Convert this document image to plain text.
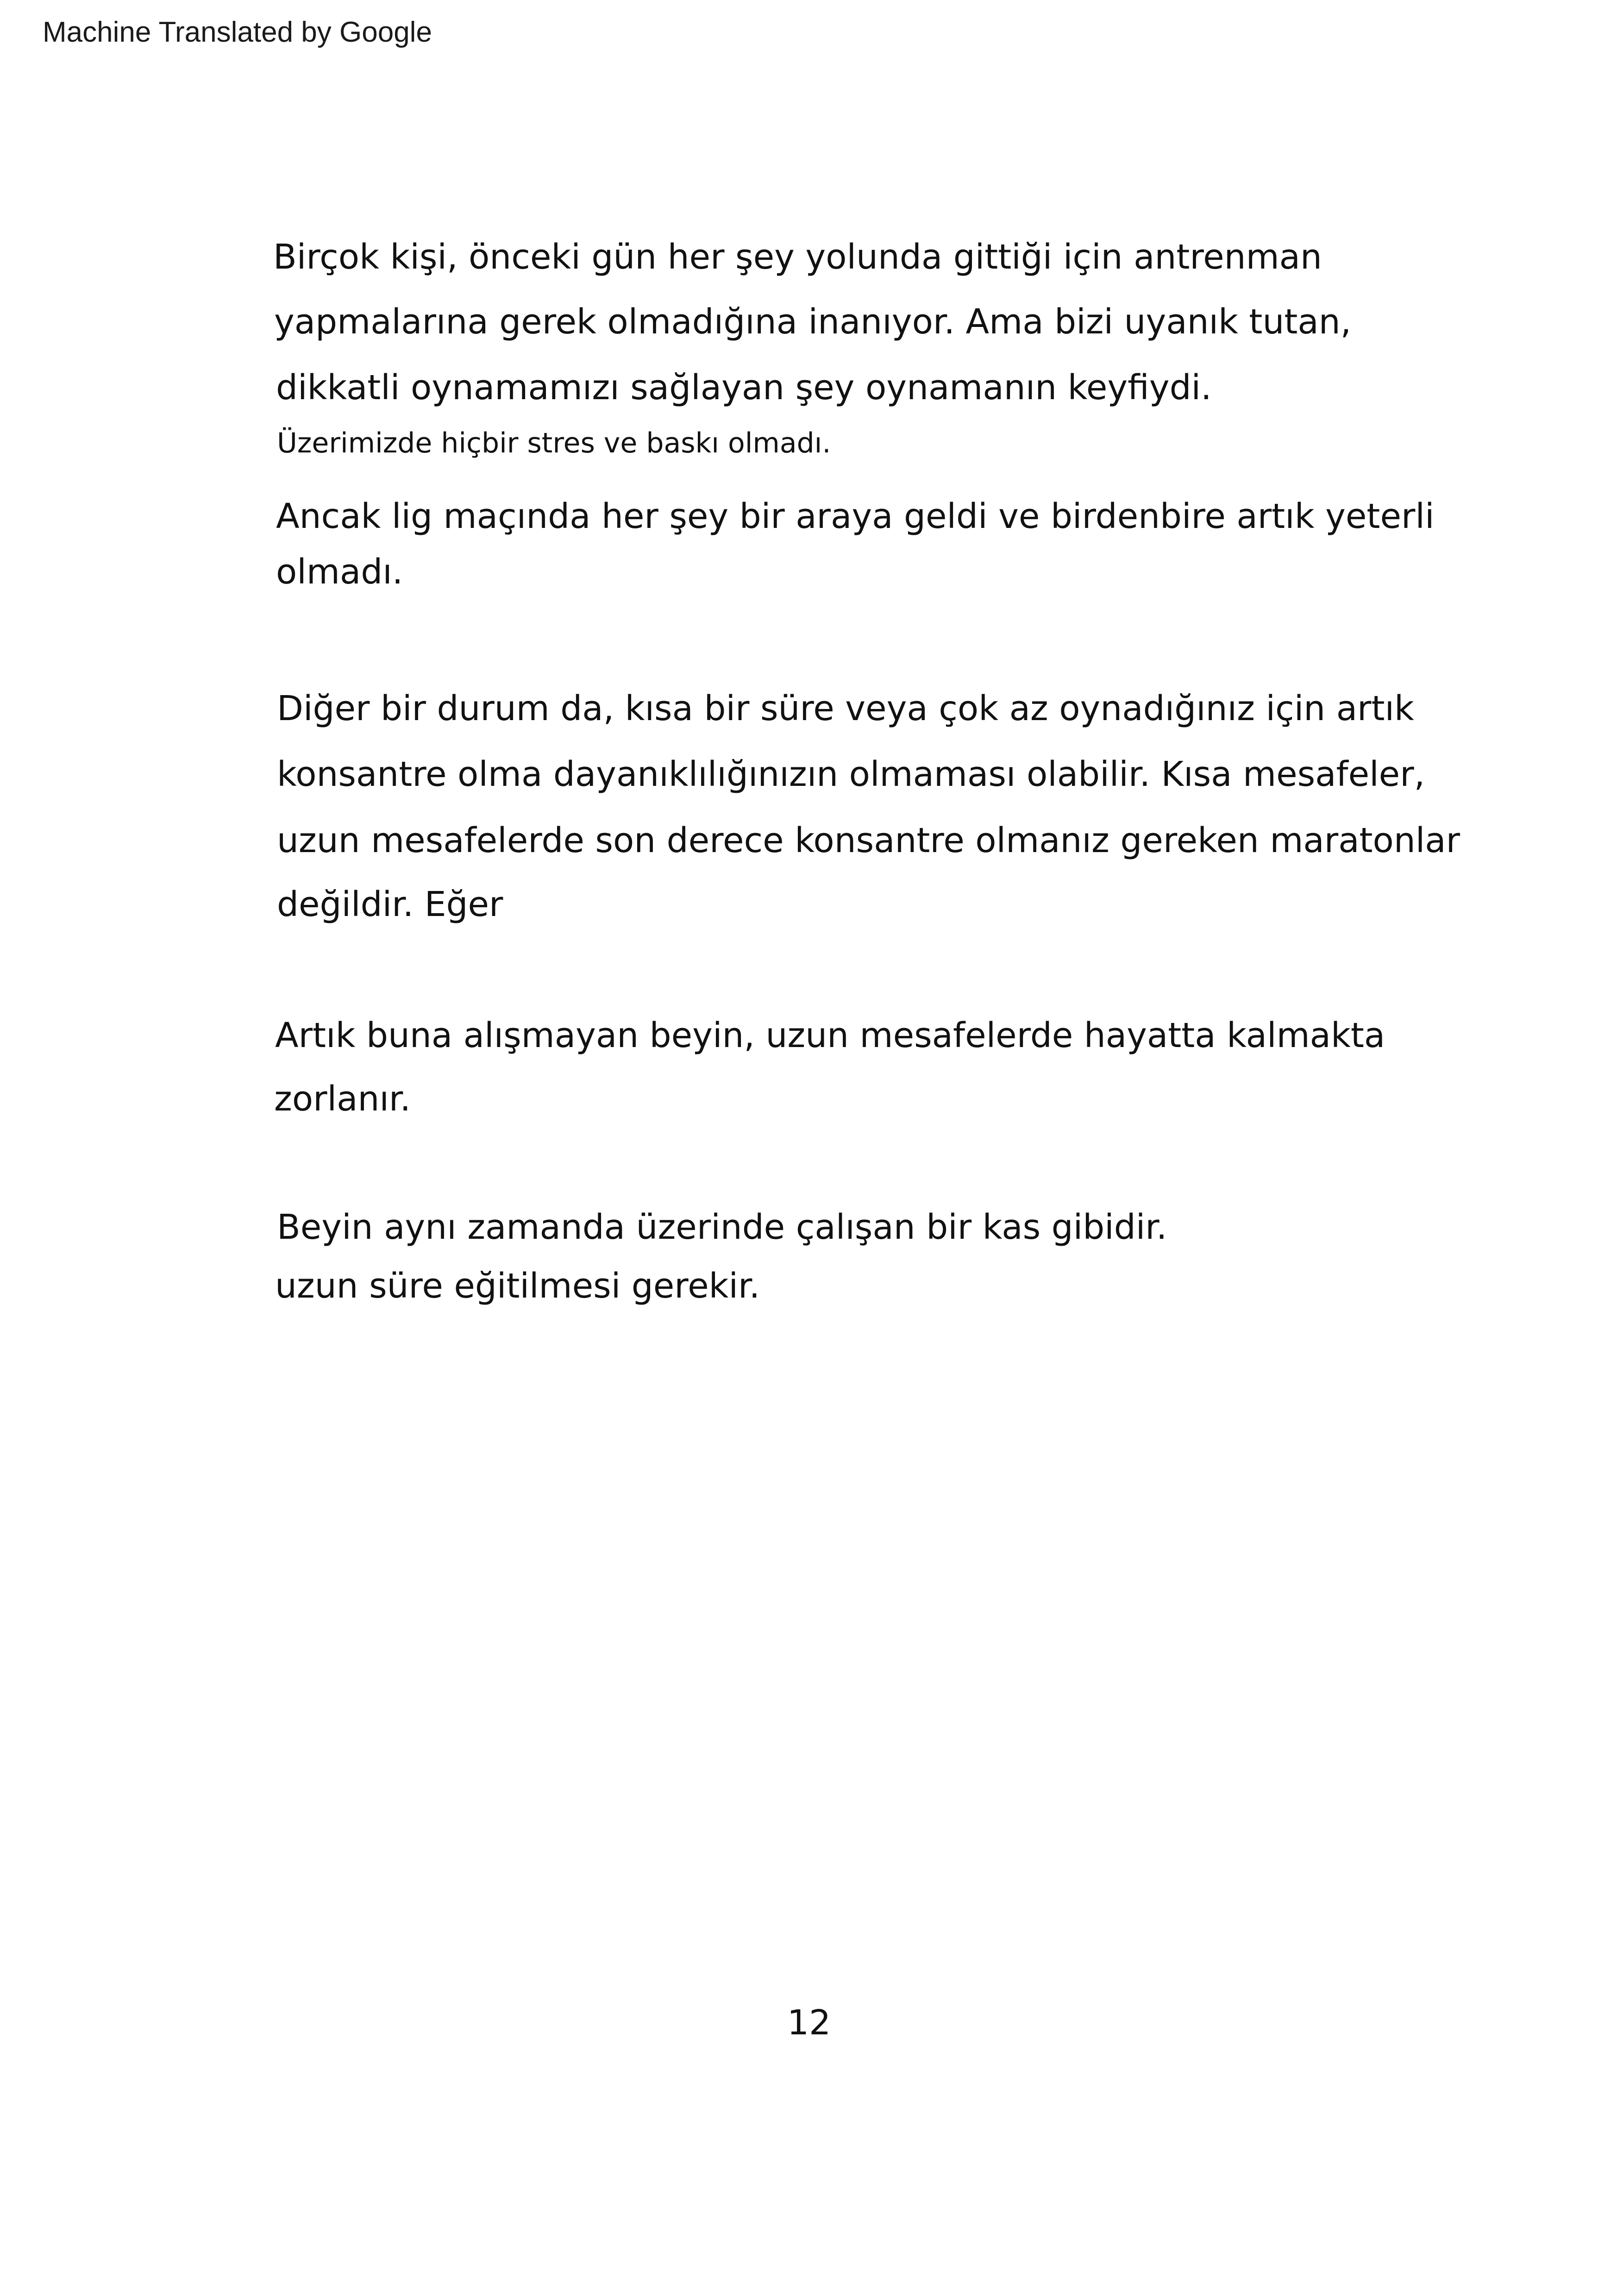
Machine Translated by Google
Birçok kişi, önceki gün her şey yolunda gittiği için antrenman
yapmalarına gerek olmadığına inanıyor. Ama bizi uyanık tutan,
dikkatli oynamamızı sağlayan şey oynamanın keyfiydi.
Üzerimizde hiçbir stres ve baskı olmadı.
Ancak lig maçında her şey bir araya geldi ve birdenbire artık yeterli
olmadı.
Diğer bir durum da, kısa bir süre veya çok az oynadığınız için artık
konsantre olma dayanıklılığınızın olmaması olabilir. Kısa mesafeler,
uzun mesafelerde son derece konsantre olmanız gereken maratonlar
değildir. Eğer
Artık buna alışmayan beyin, uzun mesafelerde hayatta kalmakta
zorlanır.
Beyin aynı zamanda üzerinde çalışan bir kas gibidir.
uzun süre eğitilmesi gerekir.
12
